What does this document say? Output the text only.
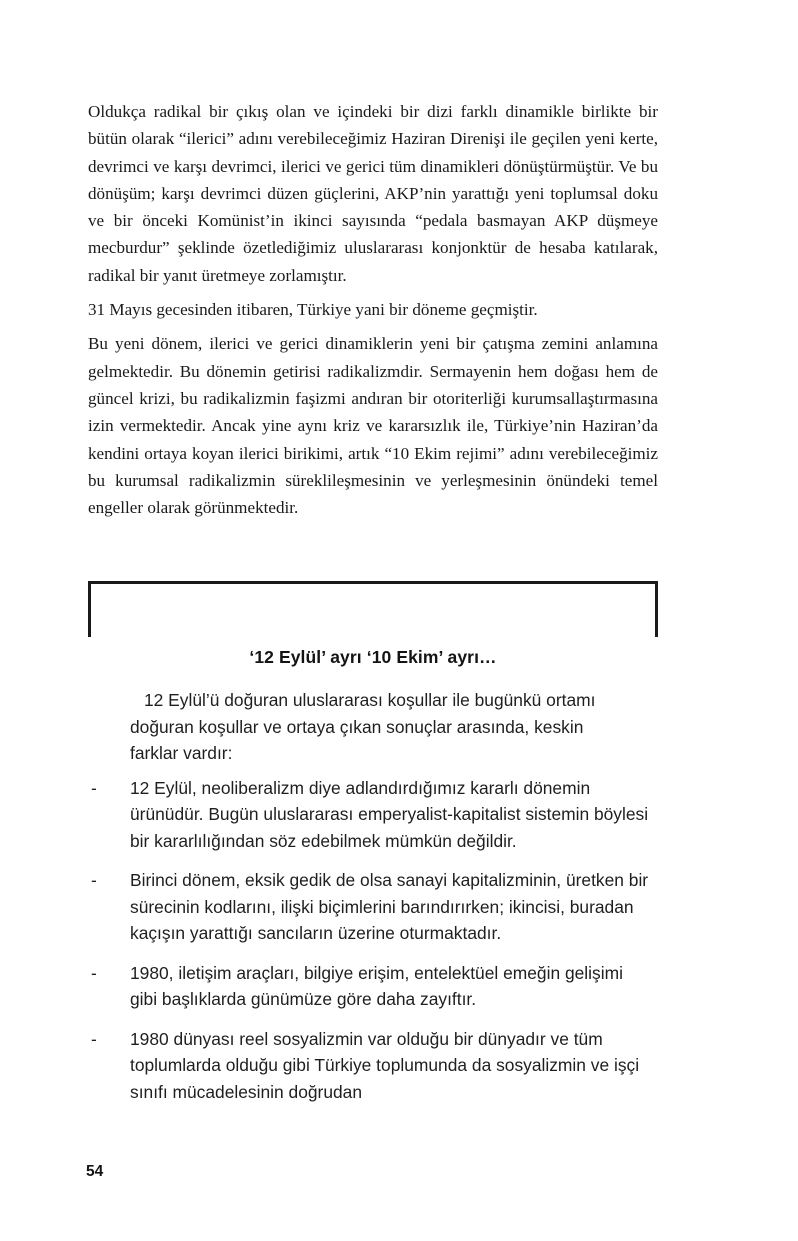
Oldukça radikal bir çıkış olan ve içindeki bir dizi farklı dinamikle birlikte bir bütün olarak “ilerici” adını verebileceğimiz Haziran Direnişi ile geçilen yeni kerte, devrimci ve karşı devrimci, ilerici ve gerici tüm dinamikleri dönüştürmüştür. Ve bu dönüşüm; karşı devrimci düzen güçlerini, AKP’nin yarattığı yeni toplumsal doku ve bir önceki Komünist’in ikinci sayısında “pedala basmayan AKP düşmeye mecburdur” şeklinde özetlediğimiz uluslararası konjonktür de hesaba katılarak, radikal bir yanıt üretmeye zorlamıştır.

31 Mayıs gecesinden itibaren, Türkiye yani bir döneme geçmiştir.

Bu yeni dönem, ilerici ve gerici dinamiklerin yeni bir çatışma zemini anlamına gelmektedir. Bu dönemin getirisi radikalizmdir. Sermayenin hem doğası hem de güncel krizi, bu radikalizmin faşizmi andıran bir otoriterliği kurumsallaştırmasına izin vermektedir. Ancak yine aynı kriz ve kararsızlık ile, Türkiye’nin Haziran’da kendini ortaya koyan ilerici birikimi, artık “10 Ekim rejimi” adını verebileceğimiz bu kurumsal radikalizmin süreklileşmesinin ve yerleşmesinin önündeki temel engeller olarak görünmektedir.

‘12 Eylül’ ayrı ‘10 Ekim’ ayrı…

12 Eylül’ü doğuran uluslararası koşullar ile bugünkü ortamı doğuran koşullar ve ortaya çıkan sonuçlar arasında, keskin farklar vardır:

- 12 Eylül, neoliberalizm diye adlandırdığımız kararlı dönemin ürünüdür. Bugün uluslararası emperyalist-kapitalist sistemin böylesi bir kararlılığından söz edebilmek mümkün değildir.
- Birinci dönem, eksik gedik de olsa sanayi kapitalizminin, üretken bir sürecinin kodlarını, ilişki biçimlerini barındırırken; ikincisi, buradan kaçışın yarattığı sancıların üzerine oturmaktadır.
- 1980, iletişim araçları, bilgiye erişim, entelektüel emeğin gelişimi gibi başlıklarda günümüze göre daha zayıftır.
- 1980 dünyası reel sosyalizmin var olduğu bir dünyadır ve tüm toplumlarda olduğu gibi Türkiye toplumunda da sosyalizmin ve işçi sınıfı mücadelesinin doğrudan
54
